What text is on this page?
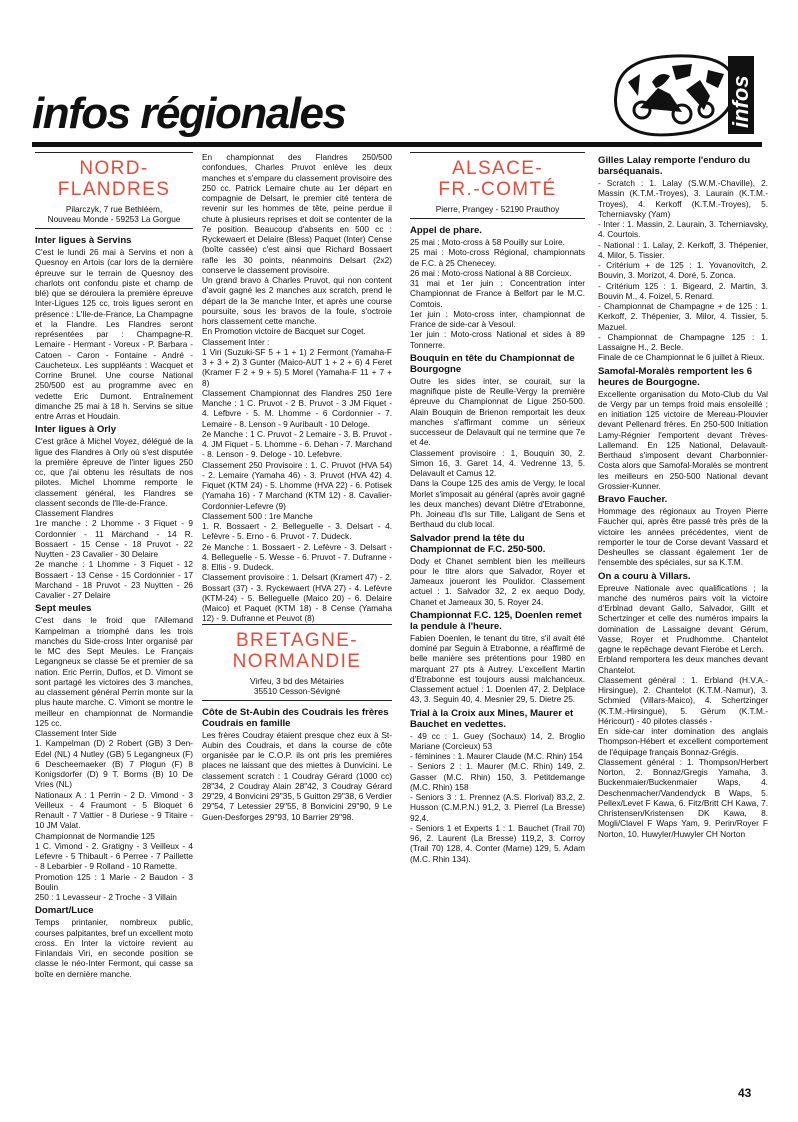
infos régionales	infos
NORD-
FLANDRES
Pilarczyk, 7 rue Bethléem,
Nouveau Monde - 59253 La Gorgue
Inter ligues à Servins

C'est le lundi 26 mai à Servins et non à Quesnoy en Artois (car lors de la dernière épreuve sur le terrain de Quesnoy des charlots ont confondu piste et champ de blé) que se déroulera la première épreuve Inter-Ligues 125 cc, trois ligues seront en présence : L'Ile-de-France, La Champagne et la Flandre. Les Flandres seront représentées par : Champagne-R. Lemaire - Hermant - Voreux - P. Barbara - Catoen - Caron - Fontaine - André - Caucheteux. Les suppléants : Wacquet et Corrine Brunel. Une course National 250/500 est au programme avec en vedette Eric Dumont. Entraînement dimanche 25 mai à 18 h. Servins se situe entre Arras et Houdain.

Inter ligues à Orly

C'est grâce à Michel Voyez, délégué de la ligue des Flandres à Orly où s'est disputée la première épreuve de l'inter ligues 250 cc, que j'ai obtenu les résultats de nos pilotes. Michel Lhomme remporte le classement général, les Flandres se classent seconds de l'Ile-de-France.

Classement Flandres

1re manche : 2 Lhomme - 3 Fiquet - 9 Cordonnier - 11 Marchand - 14 R. Bossaert - 15 Cense - 18 Pruvot - 22 Nuytten - 23 Cavalier - 30 Delaire

2e manche : 1 Lhomme - 3 Fiquet - 12 Bossaert - 13 Cense - 15 Cordonnier - 17 Marchand - 18 Pruvot - 23 Nuytten - 26 Cavalier - 27 Delaire

Sept meules

C'est dans le froid que l'Allemand Kampelman a triomphé dans les trois manches du Side-cross Inter organisé par le MC des Sept Meules. Le Français Legangneux se classe 5e et premier de sa nation. Eric Perrin, Duflos, et D. Vimont se sont partagé les victoires des 3 manches, au classement général Perrin monte sur la plus haute marche. C. Vimont se montre le meilleur en championnat de Normandie 125 cc.

Classement Inter Side

1. Kampelman (D) 2 Robert (GB) 3 Den-Edel (NL) 4 Nutley (GB) 5 Legangneux (F) 6 Descheemaeker (B) 7 Plogun (F) 8 Konigsdorfer (D) 9 T. Borms (B) 10 De Vries (NL)

Nationaux A : 1 Perrin - 2 D. Vimond - 3 Veilleux - 4 Fraumont - 5 Bloquet 6 Renault - 7 Vattier - 8 Duriese - 9 Titaire - 10 JM Valat.

Championnat de Normandie 125

1 C. Vimond - 2. Gratigny - 3 Veilleux - 4 Lefevre - 5 Thibault - 6 Perree - 7 Paillette - 8 Lebarbier - 9 Rolland - 10 Ramette.

Promotion 125 : 1 Marie - 2 Baudon - 3 Boulin

250 : 1 Levasseur - 2 Troche - 3 Villain

Domart/Luce

Temps printanier, nombreux public, courses palpitantes, bref un excellent moto cross. En Inter la victoire revient au Finlandais Viri, en seconde position se classe le néo-Inter Fermont, qui casse sa boîte en dernière manche.

En championnat des Flandres 250/500 confondues, Charles Pruvot enlève les deux manches et s'empare du classement provisoire des 250 cc. Patrick Lemaire chute au 1er départ en compagnie de Delsart, le premier cité tentera de revenir sur les hommes de tête, peine perdue il chute à plusieurs reprises et doit se contenter de la 7e position. Beaucoup d'absents en 500 cc : Ryckewaert et Delaire (Bless) Paquet (Inter) Cense (boîte cassée) c'est ainsi que Richard Bossaert rafle les 30 points, néanmoins Delsart (2x2) conserve le classement provisoire.

Un grand bravo à Charles Pruvot, qui non content d'avoir gagné les 2 manches aux scratch, prend le départ de la 3e manche Inter, et après une course poursuite, sous les bravos de la foule, s'octroie hors classement cette manche.

En Promotion victoire de Bacquet sur Coget.

Classement Inter :

1 Viri (Suzuki-SF 5 + 1 + 1) 2 Fermont (Yamaha-F 3 + 3 + 2) 3 Gunter (Maico-AUT 1 + 2 + 6) 4 Feret (Kramer F 2 + 9 + 5) 5 Morel (Yamaha-F 11 + 7 + 8)

Classement Championnat des Flandres 250 1ere Manche : 1 C. Pruvot - 2 B. Pruvot - 3 JM Fiquet - 4. Lefbvre - 5. M. Lhomme - 6 Cordonnier - 7. Lemaire - 8. Lenson - 9 Auribault - 10 Deloge.

2e Manche : 1 C. Pruvot - 2 Lemaire - 3. B. Pruvot - 4. JM Fiquet - 5. Lhomme - 6. Dehan - 7. Marchand - 8. Lenson - 9. Deloge - 10. Lefebvre.

Classement 250 Provisoire : 1. C. Pruvot (HVA 54) - 2. Lemaire (Yamaha 46) - 3. Pruvot (HVA 42) 4. Fiquet (KTM 24) - 5. Lhomme (HVA 22) - 6. Potisek (Yamaha 16) - 7 Marchand (KTM 12) - 8. Cavalier-Cordonnier-Lefevre (9)

Classement 500 : 1re Manche

1. R. Bossaert - 2. Belleguelle - 3. Delsart - 4. Lefèvre - 5. Erno - 6. Pruvot - 7. Dudeck.

2e Manche : 1. Bossaert - 2. Lefèvre - 3. Delsart - 4. Belleguelle - 5. Wesse - 6. Pruvot - 7. Dufranne - 8. Ellis - 9. Dudeck.

Classement provisoire : 1. Delsart (Kramert 47) - 2. Bossart (37) - 3. Ryckewaert (HVA 27) - 4. Lefèvre (KTM-24) - 5. Belleguelle (Maico 20) - 6. Delaire (Maico) et Paquet (KTM 18) - 8 Cense (Yamaha 12) - 9. Dufranne et Peuvot (8)

BRETAGNE-
NORMANDIE
Virfeu, 3 bd des Métairies
35510 Cesson-Sévigné
Côte de St-Aubin des Coudrais les frères Coudrais en famille

Les frères Coudray étaient presque chez eux à St-Aubin des Coudrais, et dans la course de côte organisée par le C.O.P. ils ont pris les premières places ne laissant que des miettes à Dunvicini. Le classement scratch : 1 Coudray Gérard (1000 cc) 28"34, 2 Coudray Alain 28"42, 3 Coudray Gérard 29"29, 4 Bonvicini 29"35, 5 Guitton 29"38, 6 Verdier 29"54, 7 Letessier 29"55, 8 Bonvicini 29"90, 9 Le Guen-Desforges 29"93, 10 Barrier 29"98.

ALSACE-
FR.-COMTÉ
Pierre, Prangey - 52190 Prauthoy
Appel de phare.

25 mai : Moto-cross à 58 Pouilly sur Loire.

25 mai : Moto-cross Régional, championnats de F.C. à 25 Chenecey.

26 mai : Moto-cross National à 88 Corcieux.

31 mai et 1er juin : Concentration inter Championnat de France à Belfort par le M.C. Comtois.

1er juin : Moto-cross inter, championnat de France de side-car à Vesoul.

1er juin : Moto-cross National et sides à 89 Tonnerre.

Bouquin en tête du Championnat de Bourgogne

Outre les sides inter, se courait, sur la magnifique piste de Reulle-Vergy la première épreuve du Championnat de Ligue 250-500. Alain Bouquin de Brienon remportait les deux manches s'affirmant comme un sérieux successeur de Delavault qui ne termine que 7e et 4e.

Classement provisoire : 1, Bouquin 30, 2. Simon 16, 3. Garet 14, 4. Vedrenne 13, 5. Delavault et Camus 12.

Dans la Coupe 125 des amis de Vergy, le local Morlet s'imposait au général (après avoir gagné les deux manches) devant Diètre d'Etrabonne, Ph. Joineau d'Is sur Tille, Laligant de Sens et Berthaud du club local.

Salvador prend la tête du Championnat de F.C. 250-500.

Dody et Chanet semblent bien les meilleurs pour le titre alors que Salvador, Royer et Jameaux joueront les Poulidor. Classement actuel : 1. Salvador 32, 2 ex aequo Dody, Chanet et Jameaux 30, 5. Royer 24.

Championnat F.C. 125, Doenlen remet la pendule à l'heure.

Fabien Doenlen, le tenant du titre, s'il avait été dominé par Seguin à Etrabonne, a réaffirmé de belle manière ses prétentions pour 1980 en marquant 27 pts à Autrey. L'excellent Martin d'Etrabonne est toujours aussi malchanceux. Classement actuel : 1. Doenlen 47, 2. Delplace 43, 3. Seguin 40, 4. Mesnier 29, 5. Dietre 25.

Trial à la Croix aux Mines, Maurer et Bauchet en vedettes.

- 49 cc : 1. Guey (Sochaux) 14, 2. Broglio Mariane (Corcieux) 53

- féminines : 1. Maurer Claude (M.C. Rhin) 154

- Seniors 2 : 1. Maurer (M.C. Rhin) 149, 2. Gasser (M.C. Rhin) 150, 3. Petitdemange (M.C. Rhin) 158

- Seniors 3 : 1. Prennez (A.S. Florival) 83,2, 2. Husson (C.M.P.N.) 91,2, 3. Pierrel (La Bresse) 92,4.

- Seniors 1 et Experts 1 : 1. Bauchet (Trail 70) 96, 2. Laurent (La Bresse) 119,2, 3. Corroy (Trail 70) 128, 4. Conter (Marne) 129, 5. Adam (M.C. Rhin 134).

Gilles Lalay remporte l'enduro du barséquanais.

- Scratch : 1. Lalay (S.W.M.-Chaville), 2. Massin (K.T.M.-Troyes), 3. Laurain (K.T.M.-Troyes), 4. Kerkoff (K.T.M.-Troyes), 5. Tcherniavsky (Yam)

- Inter : 1. Massin, 2. Laurain, 3. Tcherniavsky, 4. Courtois.

- National : 1. Lalay, 2. Kerkoff, 3. Thépenier, 4. Milor, 5. Tissier.

- Critérium + de 125 : 1. Yovanovitch, 2. Bouvin, 3. Morizot, 4. Doré, 5. Zonca.

- Critérium 125 : 1. Bigeard, 2. Martin, 3. Bouvin M., 4. Foizel, 5. Renard.

- Championnat de Champagne + de 125 : 1. Kerkoff, 2. Thépenier, 3. Milor, 4. Tissier, 5. Mazuel.

- Championnat de Champagne 125 : 1. Lassaigne H., 2. Becle.

Finale de ce Championnat le 6 juillet à Rieux.

Samofal-Moralès remportent les 6 heures de Bourgogne.

Excellente organisation du Moto-Club du Val de Vergy par un temps froid mais ensoleillé ; en initiation 125 victoire de Mereau-Plouvier devant Pellenard frères. En 250-500 Initiation Lamy-Régnier l'emportent devant Trèves-Lallemand. En 125 National, Delavault-Berthaud s'imposent devant Charbonnier-Costa alors que Samofal-Moralès se montrent les meilleurs en 250-500 National devant Grossier-Kunner.

Bravo Faucher.

Hommage des régionaux au Troyen Pierre Faucher qui, après être passé très près de la victoire les années précédentes, vient de remporter le tour de Corse devant Vassard et Desheulles se classant également 1er de l'ensemble des spéciales, sur sa K.T.M.

On a couru à Villars.

Epreuve Nationale avec qualifications ; la manche des numéros pairs voit la victoire d'Erblnad devant Gallo, Salvador, Gillt et Schertzinger et celle des numéros impairs la domination de Lassaigne devant Gérum, Vasse, Royer et Prudhomme. Chantelot gagne le repêchage devant Fierobe et Lerch.

Erbland remportera les deux manches devant Chantelot.

Classement général : 1. Erbland (H.V.A.-Hirsingue), 2. Chantelot (K.T.M.-Namur), 3. Schmied (Villars-Maico), 4. Schertzinger (K.T.M.-Hirsingue), 5. Gérum (K.T.M.-Héricourt) - 40 pilotes classés -

En side-car inter domination des anglais Thompson-Hébert et excellent comportement de l'équipage français Bonnaz-Grégis.

Classement général : 1. Thompson/Herbert Norton, 2. Bonnaz/Gregis Yamaha, 3. Buckenmaier/Buckenmaier Waps, 4. Deschenmacher/Vandendyck B Waps, 5. Pellex/Levet F Kawa, 6. Fitz/Britt CH Kawa, 7. Christensen/Kristensen DK Kawa, 8. Mogli/Clavel F Waps Yam, 9. Perin/Royer F Norton, 10. Huwyler/Huwyler CH Norton

43
